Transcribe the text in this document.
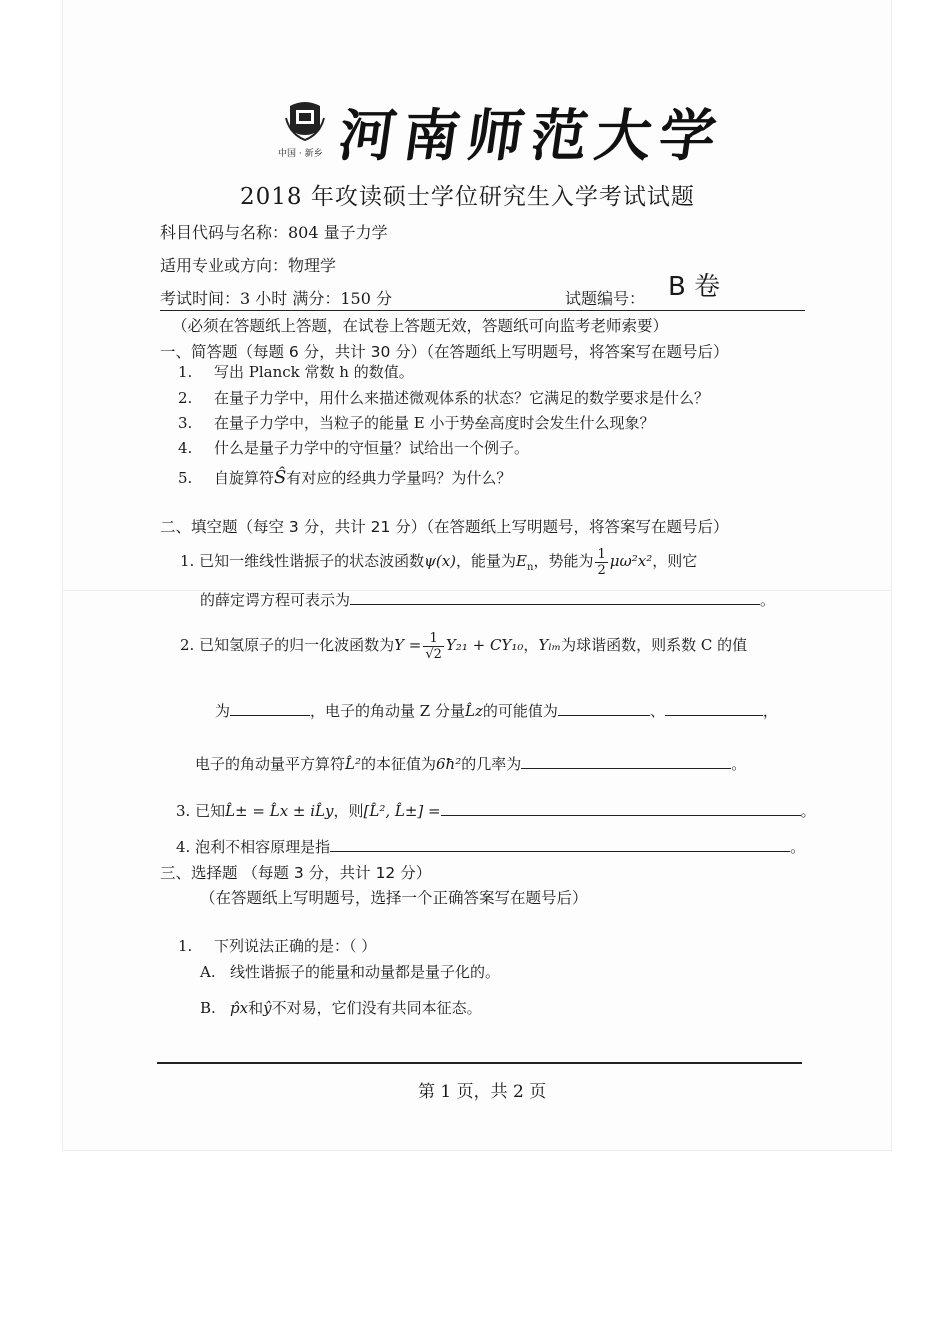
中国 · 新乡 河南师范大学
2018 年攻读硕士学位研究生入学考试试题
科目代码与名称：804 量子力学
适用专业或方向：物理学
考试时间：3 小时 满分：150 分	试题编号： B 卷
（必须在答题纸上答题，在试卷上答题无效，答题纸可向监考老师索要）
一、简答题（每题 6 分，共计 30 分）（在答题纸上写明题号，将答案写在题号后）
1. 写出 Planck 常数 h 的数值。
2. 在量子力学中，用什么来描述微观体系的状态？它满足的数学要求是什么？
3. 在量子力学中，当粒子的能量 E 小于势垒高度时会发生什么现象？
4. 什么是量子力学中的守恒量？试给出一个例子。
5. 自旋算符Ŝ有对应的经典力学量吗？为什么？
二、填空题（每空 3 分，共计 21 分）（在答题纸上写明题号，将答案写在题号后）
1. 已知一维线性谐振子的状态波函数ψ(x)，能量为$E_n$，势能为 $\frac{1}{2} \mu\omega^2x^2$，则它
的薛定谔方程可表示为	。
2. 已知氢原子的归一化波函数为$Y = \frac{1}{√2} Y_{21} + CY_{10}$，Yₗₘ为球谐函数，则系数 C 的值
为	，电子的角动量 Z 分量L̂z的可能值为	、	，
电子的角动量平方算符L̂²的本征值为6ħ²的几率为	。
3. 已知L̂± = L̂x ± iL̂y，则[L̂², L̂±] =	。
4. 泡利不相容原理是指	。
三、选择题 （每题 3 分，共计 12 分）
（在答题纸上写明题号，选择一个正确答案写在题号后）
1. 下列说法正确的是：（ ）
A. 线性谐振子的能量和动量都是量子化的。
B. p̂x和ŷ不对易，它们没有共同本征态。
第 1 页，共 2 页
